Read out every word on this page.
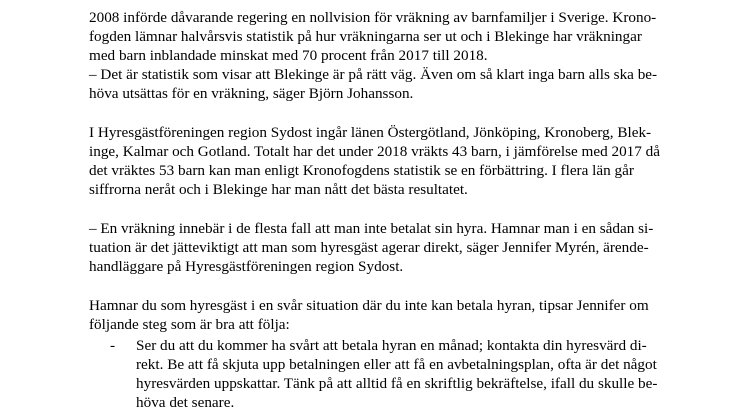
2008 införde dåvarande regering en nollvision för vräkning av barnfamiljer i Sverige. Krono-
fogden lämnar halvårsvis statistik på hur vräkningarna ser ut och i Blekinge har vräkningar
med barn inblandade minskat med 70 procent från 2017 till 2018.
– Det är statistik som visar att Blekinge är på rätt väg. Även om så klart inga barn alls ska be-
höva utsättas för en vräkning, säger Björn Johansson.
I Hyresgästföreningen region Sydost ingår länen Östergötland, Jönköping, Kronoberg, Blek-
inge, Kalmar och Gotland. Totalt har det under 2018 vräkts 43 barn, i jämförelse med 2017 då
det vräktes 53 barn kan man enligt Kronofogdens statistik se en förbättring. I flera län går
siffrorna neråt och i Blekinge har man nått det bästa resultatet.
– En vräkning innebär i de flesta fall att man inte betalat sin hyra. Hamnar man i en sådan si-
tuation är det jätteviktigt att man som hyresgäst agerar direkt, säger Jennifer Myrén, ärende-
handläggare på Hyresgästföreningen region Sydost.
Hamnar du som hyresgäst i en svår situation där du inte kan betala hyran, tipsar Jennifer om
följande steg som är bra att följa:
- Ser du att du kommer ha svårt att betala hyran en månad; kontakta din hyresvärd di-
rekt. Be att få skjuta upp betalningen eller att få en avbetalningsplan, ofta är det något
hyresvärden uppskattar. Tänk på att alltid få en skriftlig bekräftelse, ifall du skulle be-
höva det senare.
